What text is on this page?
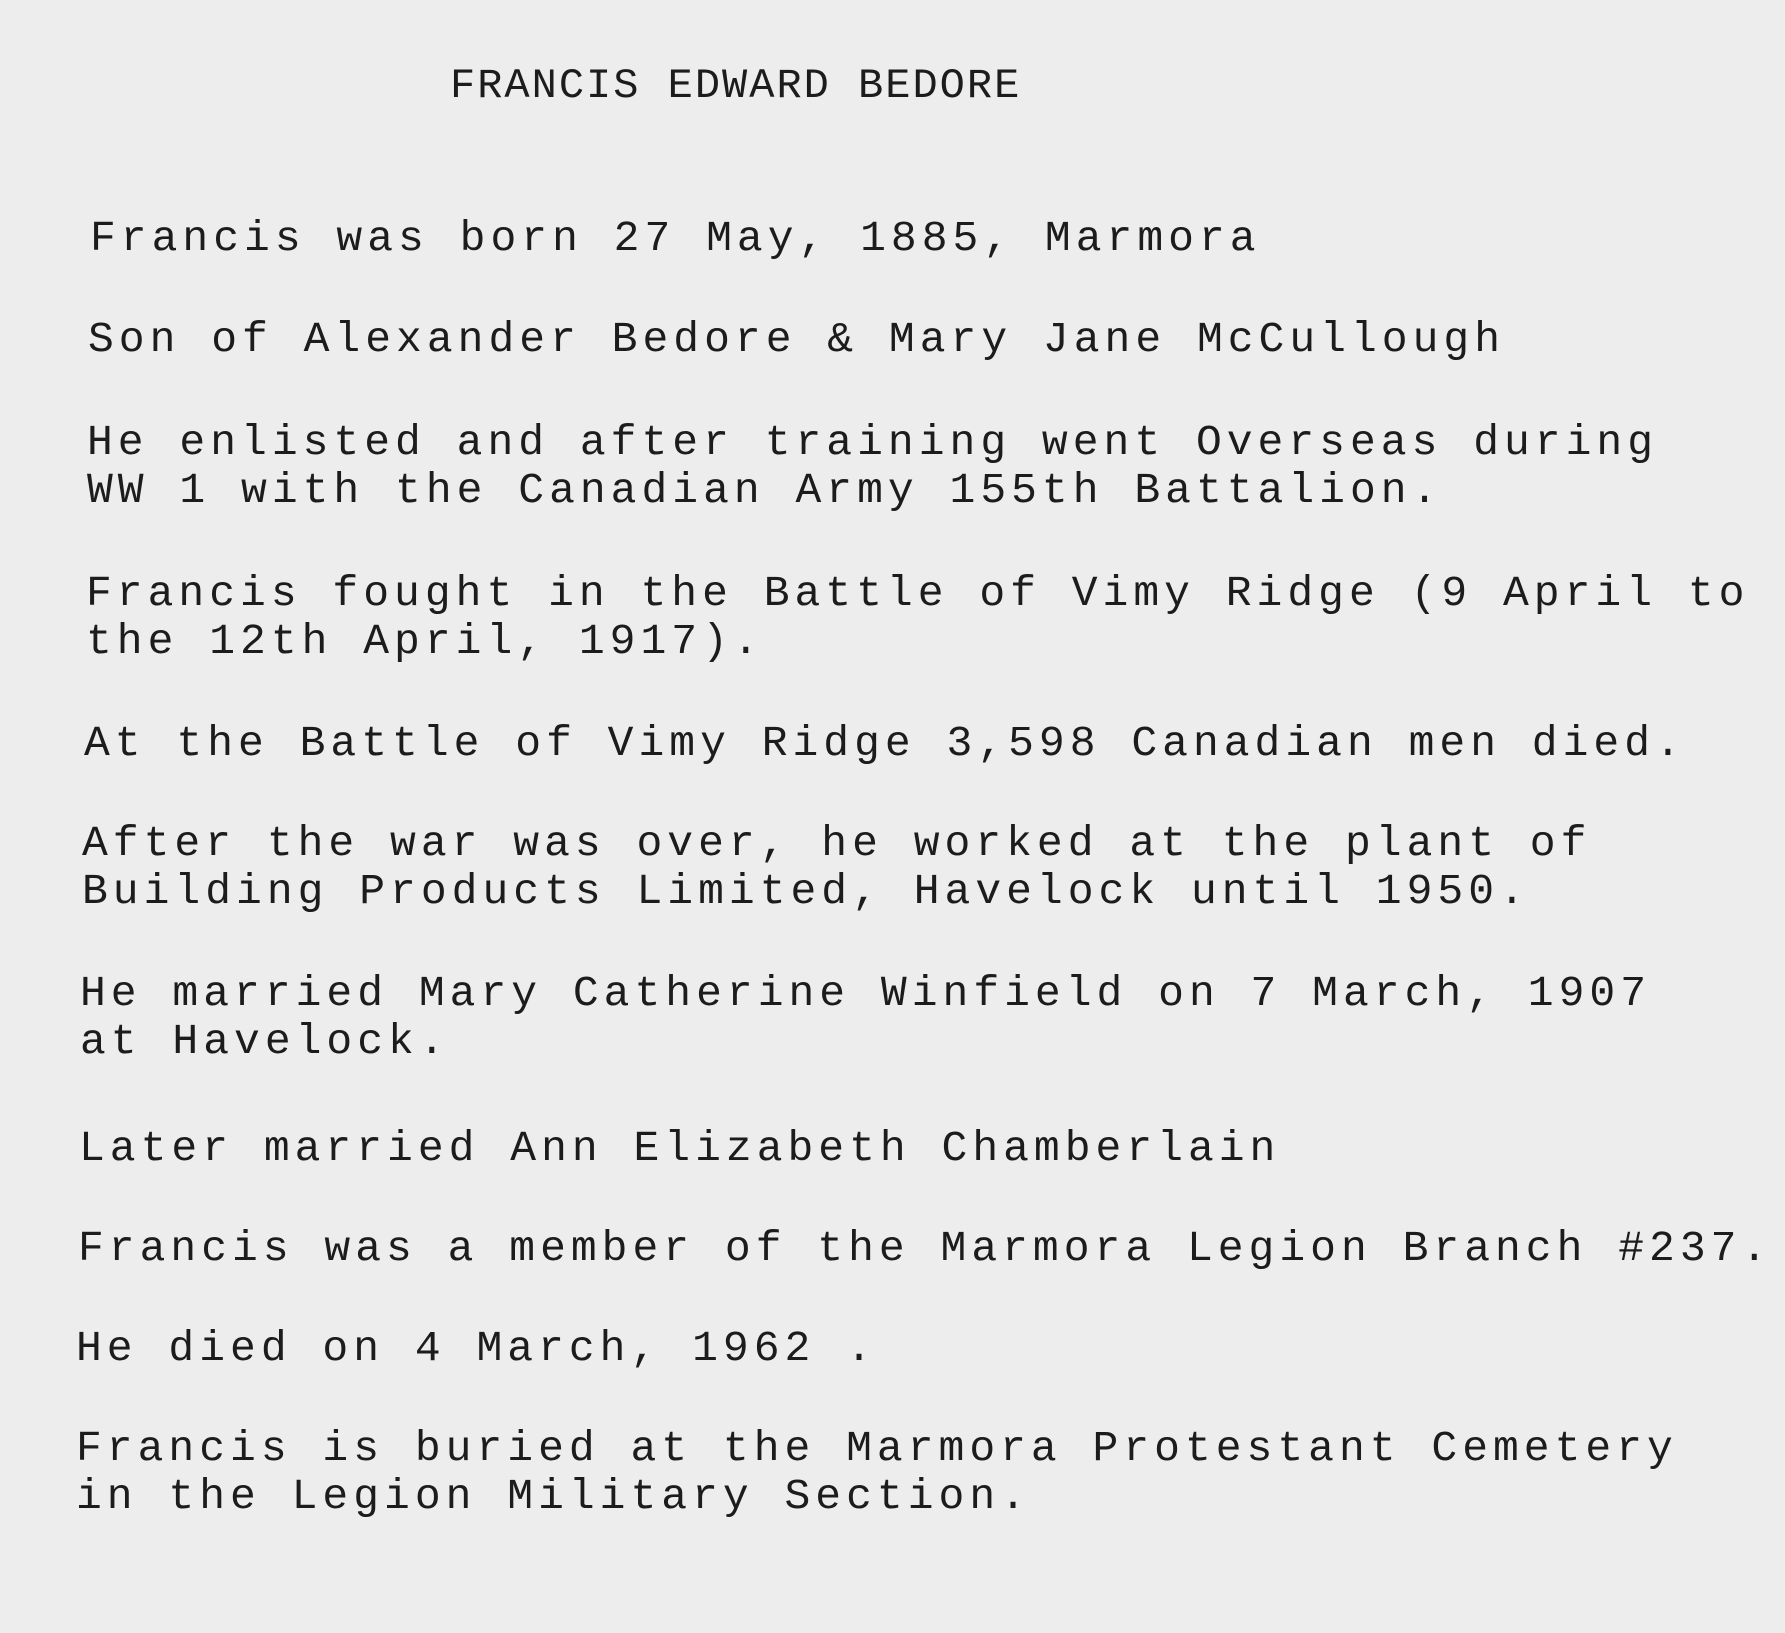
FRANCIS EDWARD BEDORE
Francis was born 27 May, 1885, Marmora
Son of Alexander Bedore & Mary Jane McCullough
He enlisted and after training went Overseas during
WW 1 with the Canadian Army 155th Battalion.
Francis fought in the Battle of Vimy Ridge (9 April to
the 12th April, 1917).
At the Battle of Vimy Ridge 3,598 Canadian men died.
After the war was over, he worked at the plant of
Building Products Limited, Havelock until 1950.
He married Mary Catherine Winfield on 7 March, 1907
at Havelock.
Later married Ann Elizabeth Chamberlain
Francis was a member of the Marmora Legion Branch #237.
He died on 4 March, 1962 .
Francis is buried at the Marmora Protestant Cemetery
in the Legion Military Section.
